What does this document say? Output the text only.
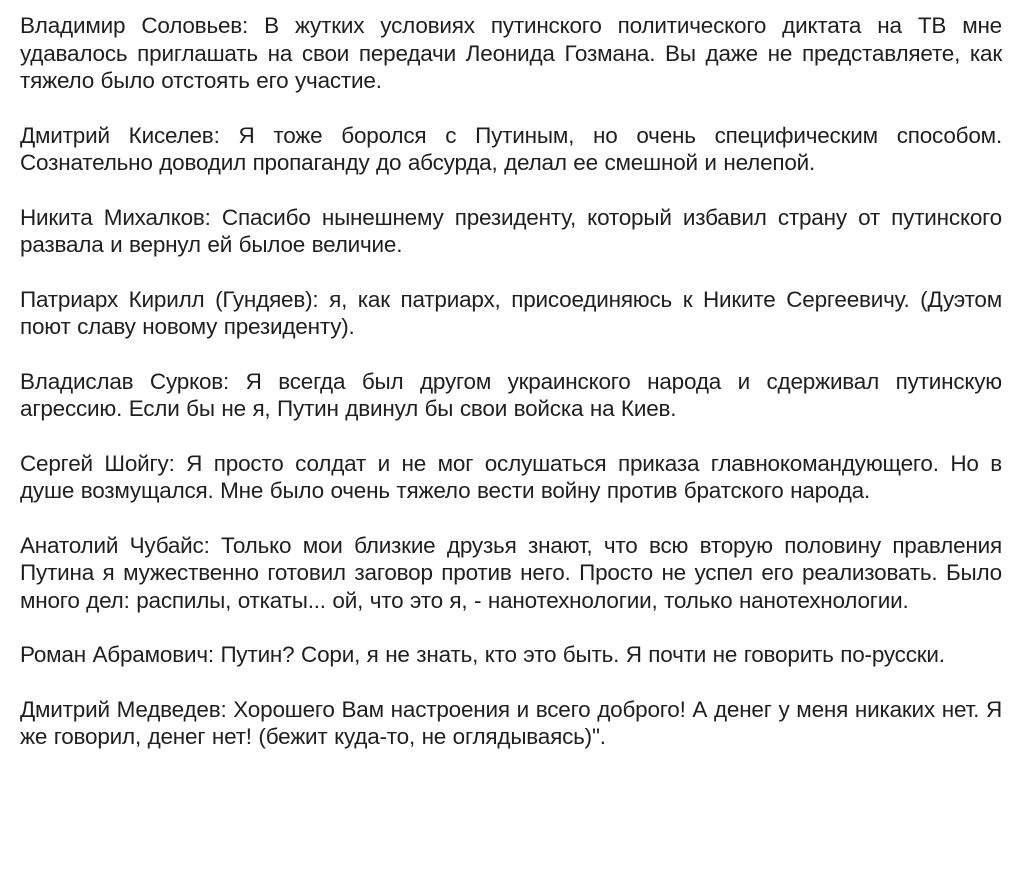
Владимир Соловьев: В жутких условиях путинского политического диктата на ТВ мне удавалось приглашать на свои передачи Леонида Гозмана. Вы даже не представляете, как тяжело было отстоять его участие.

Дмитрий Киселев: Я тоже боролся с Путиным, но очень специфическим способом. Сознательно доводил пропаганду до абсурда, делал ее смешной и нелепой.

Никита Михалков: Спасибо нынешнему президенту, который избавил страну от путинского развала и вернул ей былое величие.

Патриарх Кирилл (Гундяев): я, как патриарх, присоединяюсь к Никите Сергеевичу. (Дуэтом поют славу новому президенту).

Владислав Сурков: Я всегда был другом украинского народа и сдерживал путинскую агрессию. Если бы не я, Путин двинул бы свои войска на Киев.

Сергей Шойгу: Я просто солдат и не мог ослушаться приказа главнокомандующего. Но в душе возмущался. Мне было очень тяжело вести войну против братского народа.

Анатолий Чубайс: Только мои близкие друзья знают, что всю вторую половину правления Путина я мужественно готовил заговор против него. Просто не успел его реализовать. Было много дел: распилы, откаты... ой, что это я, - нанотехнологии, только нанотехнологии.

Роман Абрамович: Путин? Сори, я не знать, кто это быть. Я почти не говорить по-русски.

Дмитрий Медведев: Хорошего Вам настроения и всего доброго! А денег у меня никаких нет. Я же говорил, денег нет! (бежит куда-то, не оглядываясь)".
